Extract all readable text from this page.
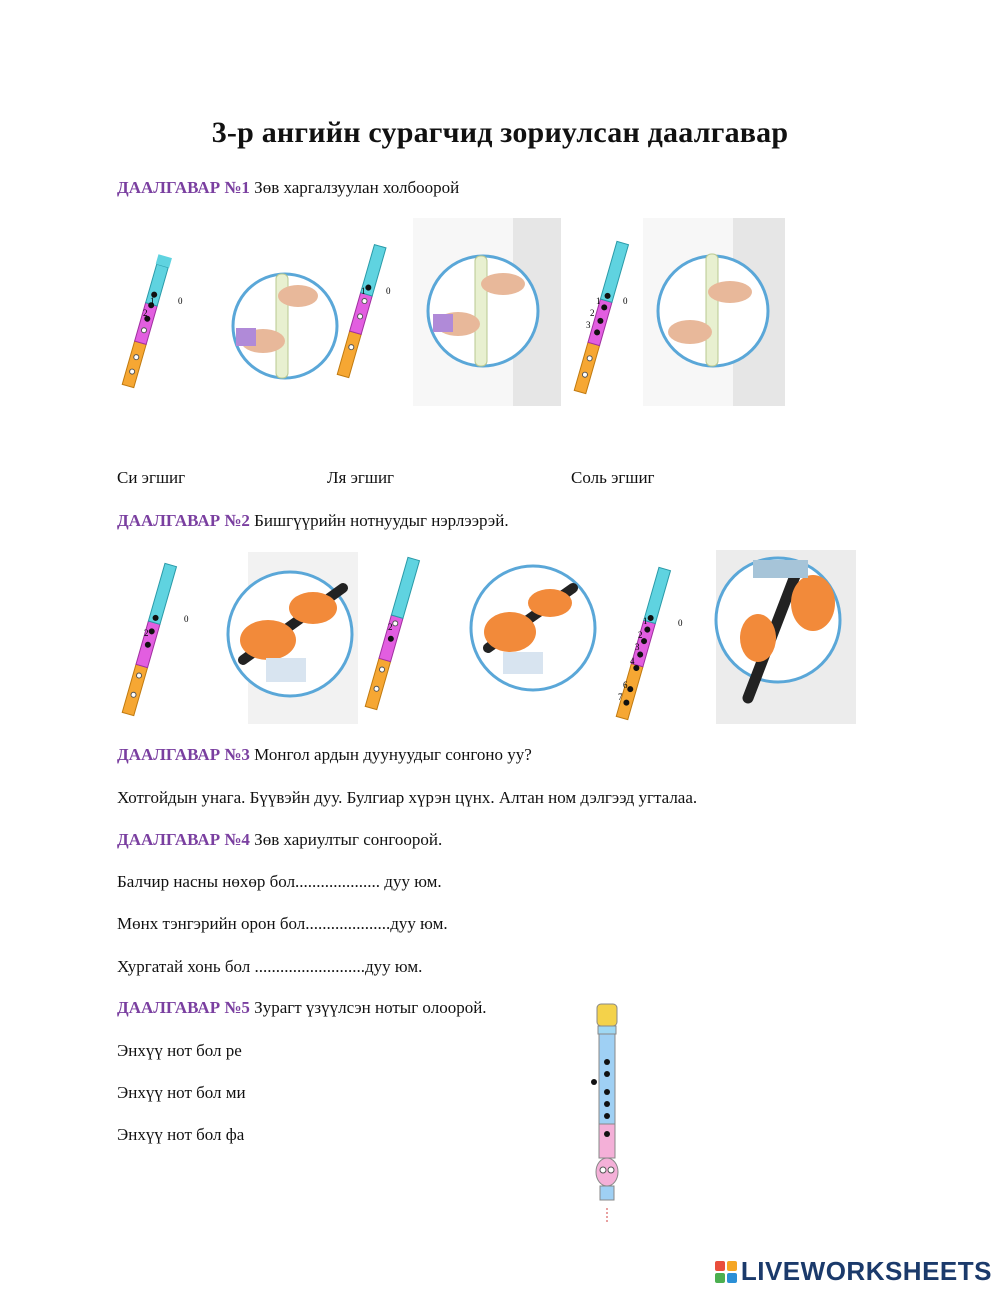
3-р ангийн сурагчид зориулсан даалгавар
ДААЛГАВАР №1 Зөв харгалзуулан холбоорой
1	0
2
1 0
1	0
2
3
Си эгшиг	Ля эгшиг	Соль эгшиг
ДААЛГАВАР №2 Бишгүүрийн нотнуудыг нэрлээрэй.
2
0
2
1	0
2
3
4
6
7
ДААЛГАВАР №3 Монгол ардын дуунуудыг сонгоно уу?
Хотгойдын унага. Бүүвэйн дуу. Булгиар хүрэн цүнх. Алтан ном дэлгээд угталаа.
ДААЛГАВАР №4 Зөв хариултыг сонгоорой.
Балчир насны нөхөр бол.................... дуу юм.
Мөнх тэнгэрийн орон бол....................дуу юм.
Хургатай хонь бол ..........................дуу юм.
ДААЛГАВАР №5 Зурагт үзүүлсэн нотыг олоорой.
Энхүү нот бол ре
Энхүү нот бол ми
Энхүү нот бол фа
LIVEWORKSHEETS
